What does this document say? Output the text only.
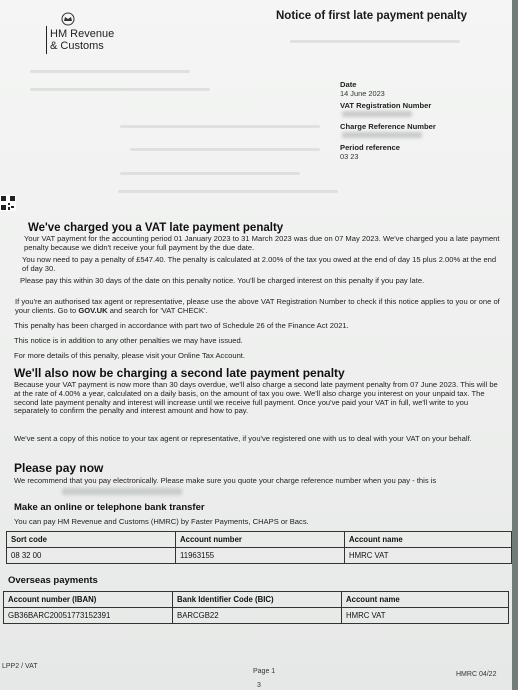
Notice of first late payment penalty
HM Revenue
& Customs
Date
14 June 2023
VAT Registration Number
Charge Reference Number
Period reference
03 23
We've charged you a VAT late payment penalty
Your VAT payment for the accounting period 01 January 2023 to 31 March 2023 was due on 07 May 2023. We've charged you a late payment penalty because we didn't receive your full payment by the due date.
You now need to pay a penalty of £547.40. The penalty is calculated at 2.00% of the tax you owed at the end of day 15 plus 2.00% at the end of day 30.
Please pay this within 30 days of the date on this penalty notice. You'll be charged interest on this penalty if you pay late.
If you're an authorised tax agent or representative, please use the above VAT Registration Number to check if this notice applies to you or one of your clients. Go to GOV.UK and search for 'VAT CHECK'.
This penalty has been charged in accordance with part two of Schedule 26 of the Finance Act 2021.
This notice is in addition to any other penalties we may have issued.
For more details of this penalty, please visit your Online Tax Account.
We'll also now be charging a second late payment penalty
Because your VAT payment is now more than 30 days overdue, we'll also charge a second late payment penalty from 07 June 2023. This will be at the rate of 4.00% a year, calculated on a daily basis, on the amount of tax you owe. We'll also charge you interest on your unpaid tax. The second late payment penalty and interest will increase until we receive full payment. Once you've paid your VAT in full, we'll write to you separately to confirm the penalty and interest amount and how to pay.
We've sent a copy of this notice to your tax agent or representative, if you've registered one with us to deal with your VAT on your behalf.
Please pay now
We recommend that you pay electronically. Please make sure you quote your charge reference number when you pay - this is
Make an online or telephone bank transfer
You can pay HM Revenue and Customs (HMRC) by Faster Payments, CHAPS or Bacs.
Sort code	Account number	Account name
08 32 00	11963155	HMRC VAT
Overseas payments
Account number (IBAN)	Bank Identifier Code (BIC)	Account name
GB36BARC20051773152391	BARCGB22	HMRC VAT
LPP2 / VAT
Page 1	HMRC 04/22
3
